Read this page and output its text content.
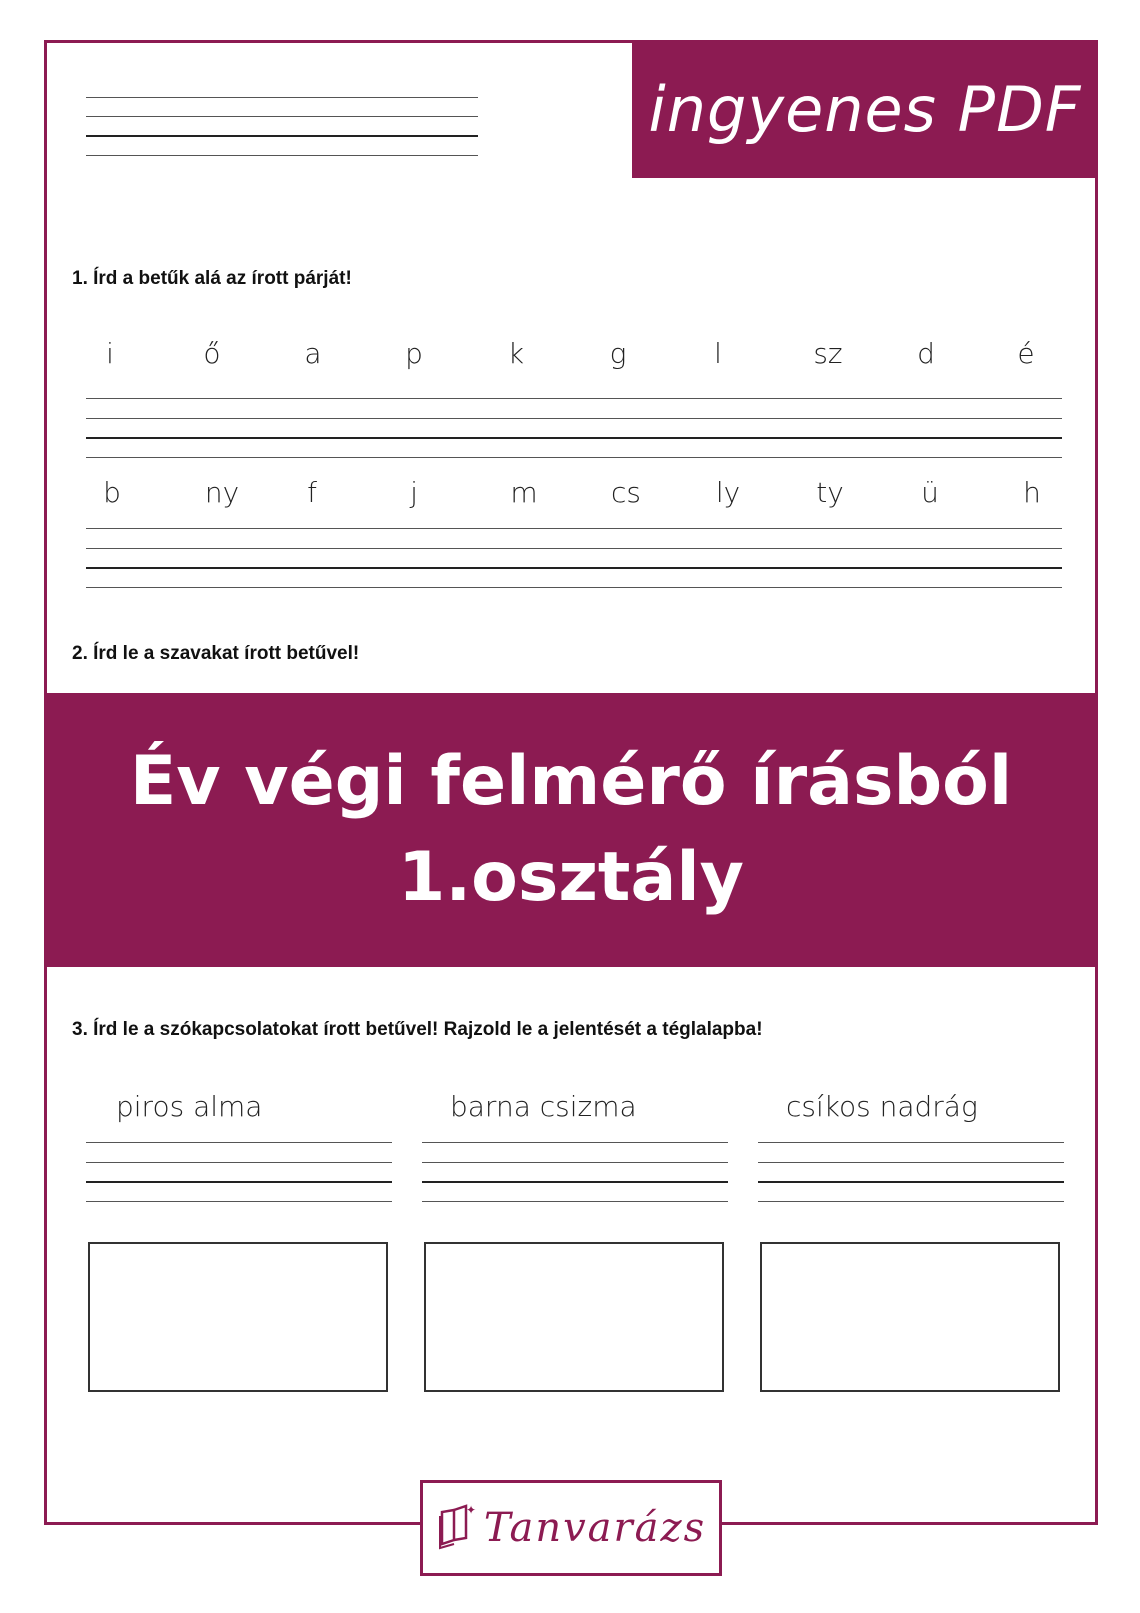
ingyenes PDF
1. Írd a betűk alá az írott párját!
i	ő	a	p	k	g	l	sz	d	é
b	ny	f	j	m	cs	ly	ty	ü	h
2. Írd le a szavakat írott betűvel!
Év végi felmérő írásból
1.osztály
3. Írd le a szókapcsolatokat írott betűvel! Rajzold le a jelentését a téglalapba!
piros alma	barna csizma	csíkos nadrág
✦ Tanvarázs
